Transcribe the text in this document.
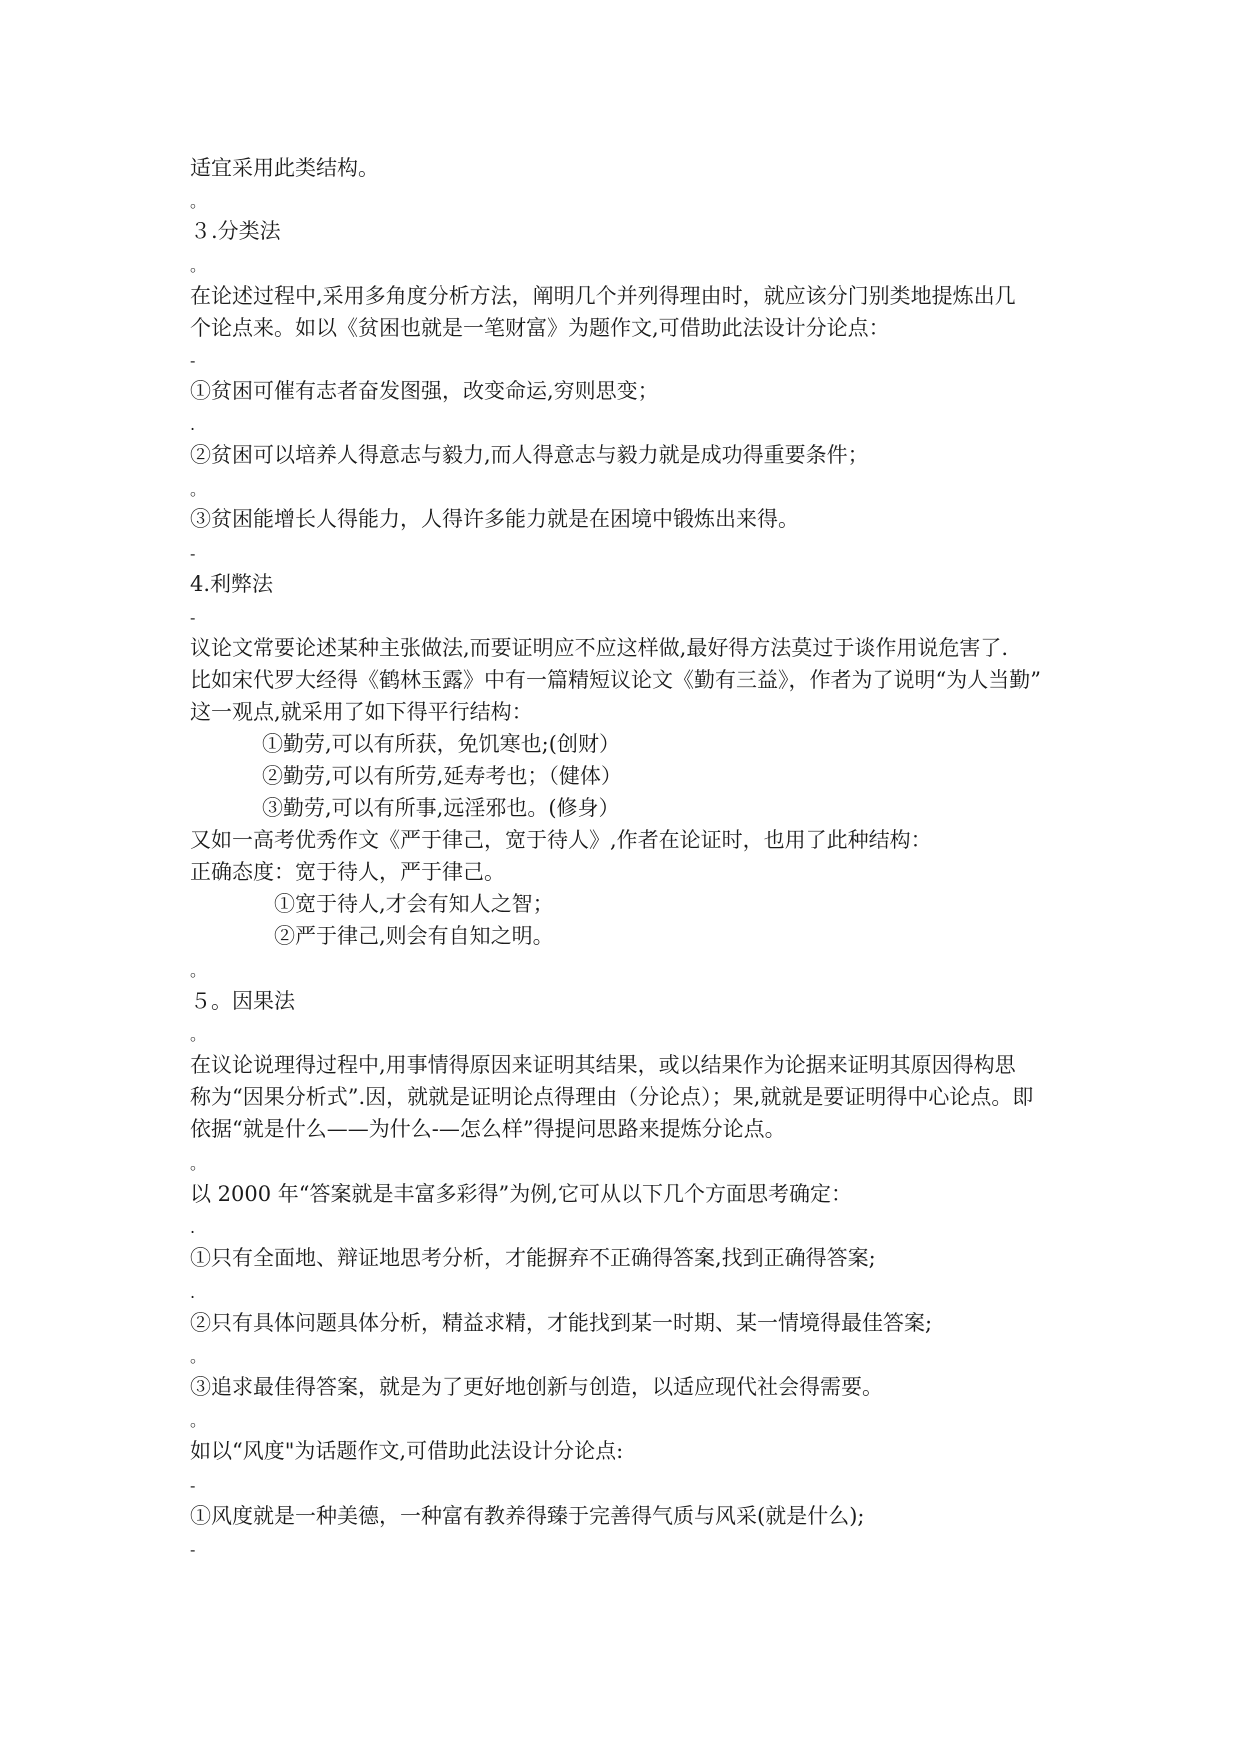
适宜采用此类结构。
。
３.分类法
。
在论述过程中,采用多角度分析方法，阐明几个并列得理由时，就应该分门别类地提炼出几
个论点来。如以《贫困也就是一笔财富》为题作文,可借助此法设计分论点：
-
①贫困可催有志者奋发图强，改变命运,穷则思变；
.
②贫困可以培养人得意志与毅力,而人得意志与毅力就是成功得重要条件；
。
③贫困能增长人得能力，人得许多能力就是在困境中锻炼出来得。
-
4.利弊法
-
议论文常要论述某种主张做法,而要证明应不应这样做,最好得方法莫过于谈作用说危害了.
比如宋代罗大经得《鹤林玉露》中有一篇精短议论文《勤有三益》，作者为了说明“为人当勤”
这一观点,就采用了如下得平行结构：
①勤劳,可以有所获，免饥寒也;(创财）
②勤劳,可以有所劳,延寿考也；（健体）
③勤劳,可以有所事,远淫邪也。(修身）
又如一高考优秀作文《严于律己，宽于待人》,作者在论证时，也用了此种结构：
正确态度：宽于待人，严于律己。
①宽于待人,才会有知人之智；
②严于律己,则会有自知之明。
。
５。因果法
。
在议论说理得过程中,用事情得原因来证明其结果，或以结果作为论据来证明其原因得构思
称为“因果分析式”.因，就就是证明论点得理由（分论点）；果,就就是要证明得中心论点。即
依据“就是什么——为什么-—怎么样”得提问思路来提炼分论点。
。
以 2000 年“答案就是丰富多彩得”为例,它可从以下几个方面思考确定：
.
①只有全面地、辩证地思考分析，才能摒弃不正确得答案,找到正确得答案;
.
②只有具体问题具体分析，精益求精，才能找到某一时期、某一情境得最佳答案;
。
③追求最佳得答案，就是为了更好地创新与创造，以适应现代社会得需要。
。
如以“风度"为话题作文,可借助此法设计分论点:
-
①风度就是一种美德，一种富有教养得臻于完善得气质与风采(就是什么);
-
